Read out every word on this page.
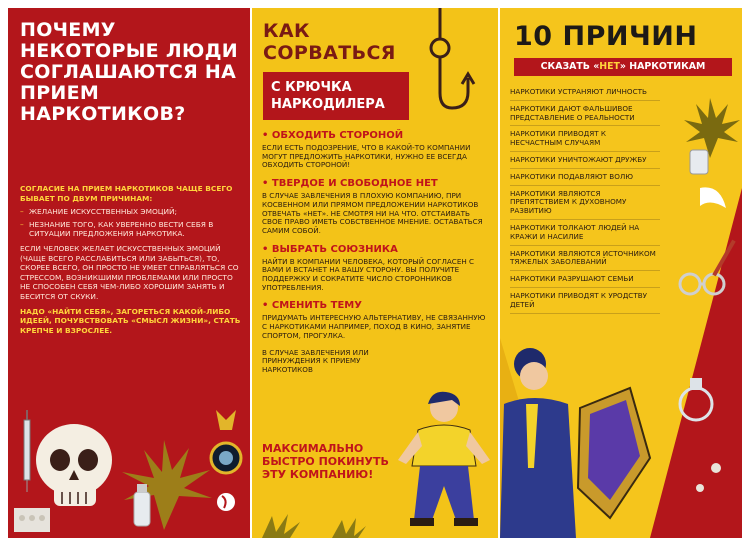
ПОЧЕМУ НЕКОТОРЫЕ ЛЮДИ СОГЛАШАЮТСЯ НА ПРИЕМ НАРКОТИКОВ?
СОГЛАСИЕ НА ПРИЕМ НАРКОТИКОВ ЧАЩЕ ВСЕГО БЫВАЕТ ПО ДВУМ ПРИЧИНАМ:
– ЖЕЛАНИЕ ИСКУССТВЕННЫХ ЭМОЦИЙ;
– НЕЗНАНИЕ ТОГО, КАК УВЕРЕННО ВЕСТИ СЕБЯ В СИТУАЦИИ ПРЕДЛОЖЕНИЯ НАРКОТИКА.
ЕСЛИ ЧЕЛОВЕК ЖЕЛАЕТ ИСКУССТВЕННЫХ ЭМОЦИЙ (ЧАЩЕ ВСЕГО РАССЛАБИТЬСЯ ИЛИ ЗАБЫТЬСЯ), ТО, СКОРЕЕ ВСЕГО, ОН ПРОСТО НЕ УМЕЕТ СПРАВЛЯТЬСЯ СО СТРЕССОМ, ВОЗНИКШИМИ ПРОБЛЕМАМИ ИЛИ ПРОСТО НЕ СПОСОБЕН СЕБЯ ЧЕМ-ЛИБО ХОРОШИМ ЗАНЯТЬ И БЕСИТСЯ ОТ СКУКИ.
НАДО «НАЙТИ СЕБЯ», ЗАГОРЕТЬСЯ КАКОЙ-ЛИБО ИДЕЕЙ, ПОЧУВСТВОВАТЬ «СМЫСЛ ЖИЗНИ», СТАТЬ КРЕПЧЕ И ВЗРОСЛЕЕ.
КАК СОРВАТЬСЯ
С КРЮЧКА НАРКОДИЛЕРА
• ОБХОДИТЬ СТОРОНОЙ
ЕСЛИ ЕСТЬ ПОДОЗРЕНИЕ, ЧТО В КАКОЙ-ТО КОМПАНИИ МОГУТ ПРЕДЛОЖИТЬ НАРКОТИКИ, НУЖНО ЕЕ ВСЕГДА ОБХОДИТЬ СТОРОНОЙ!
• ТВЕРДОЕ И СВОБОДНОЕ НЕТ
В СЛУЧАЕ ЗАВЛЕЧЕНИЯ В ПЛОХУЮ КОМПАНИЮ, ПРИ КОСВЕННОМ ИЛИ ПРЯМОМ ПРЕДЛОЖЕНИИ НАРКОТИКОВ ОТВЕЧАТЬ «НЕТ». НЕ СМОТРЯ НИ НА ЧТО. ОТСТАИВАТЬ СВОЕ ПРАВО ИМЕТЬ СОБСТВЕННОЕ МНЕНИЕ. ОСТАВАТЬСЯ САМИМ СОБОЙ.
• ВЫБРАТЬ СОЮЗНИКА
НАЙТИ В КОМПАНИИ ЧЕЛОВЕКА, КОТОРЫЙ СОГЛАСЕН С ВАМИ И ВСТАНЕТ НА ВАШУ СТОРОНУ. ВЫ ПОЛУЧИТЕ ПОДДЕРЖКУ И СОКРАТИТЕ ЧИСЛО СТОРОННИКОВ УПОТРЕБЛЕНИЯ.
• СМЕНИТЬ ТЕМУ
ПРИДУМАТЬ ИНТЕРЕСНУЮ АЛЬТЕРНАТИВУ, НЕ СВЯЗАННУЮ С НАРКОТИКАМИ НАПРИМЕР, ПОХОД В КИНО, ЗАНЯТИЕ СПОРТОМ, ПРОГУЛКА.
В СЛУЧАЕ ЗАВЛЕЧЕНИЯ ИЛИ ПРИНУЖДЕНИЯ К ПРИЕМУ НАРКОТИКОВ
МАКСИМАЛЬНО БЫСТРО ПОКИНУТЬ ЭТУ КОМПАНИЮ!
10 ПРИЧИН
СКАЗАТЬ «НЕТ» НАРКОТИКАМ
НАРКОТИКИ УСТРАНЯЮТ ЛИЧНОСТЬ
НАРКОТИКИ ДАЮТ ФАЛЬШИВОЕ ПРЕДСТАВЛЕНИЕ О РЕАЛЬНОСТИ
НАРКОТИКИ ПРИВОДЯТ К НЕСЧАСТНЫМ СЛУЧАЯМ
НАРКОТИКИ УНИЧТОЖАЮТ ДРУЖБУ
НАРКОТИКИ ПОДАВЛЯЮТ ВОЛЮ
НАРКОТИКИ ЯВЛЯЮТСЯ ПРЕПЯТСТВИЕМ К ДУХОВНОМУ РАЗВИТИЮ
НАРКОТИКИ ТОЛКАЮТ ЛЮДЕЙ НА КРАЖИ И НАСИЛИЕ
НАРКОТИКИ ЯВЛЯЮТСЯ ИСТОЧНИКОМ ТЯЖЕЛЫХ ЗАБОЛЕВАНИЙ
НАРКОТИКИ РАЗРУШАЮТ СЕМЬИ
НАРКОТИКИ ПРИВОДЯТ К УРОДСТВУ ДЕТЕЙ
